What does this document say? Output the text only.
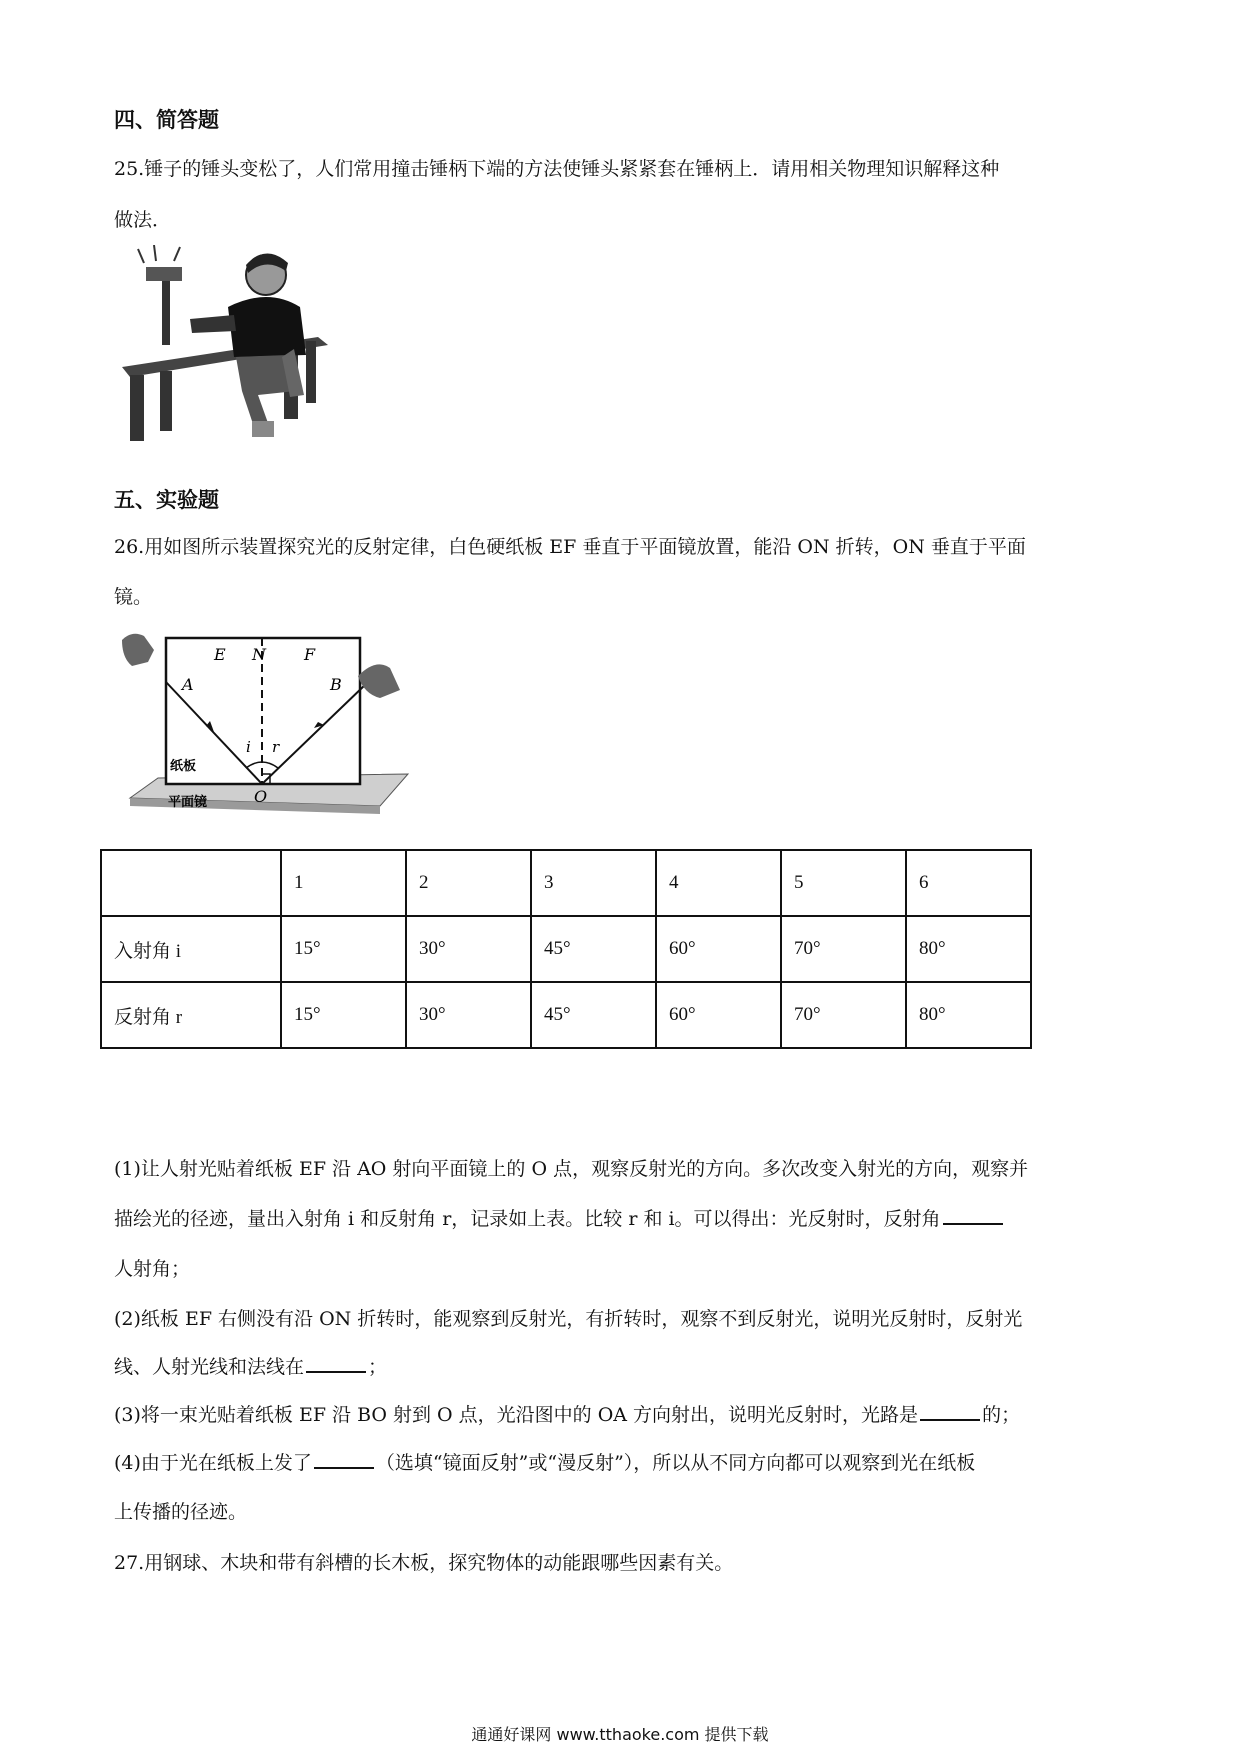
四、简答题
25.锤子的锤头变松了，人们常用撞击锤柄下端的方法使锤头紧紧套在锤柄上．请用相关物理知识解释这种
做法．
五、实验题
26.用如图所示装置探究光的反射定律，白色硬纸板 EF 垂直于平面镜放置，能沿 ON 折转，ON 垂直于平面
镜。
E N F
A	B
i r
O
纸板
平面镜
	1	2	3	4	5	6
入射角 i	15°	30°	45°	60°	70°	80°
反射角 r	15°	30°	45°	60°	70°	80°
(1)让人射光贴着纸板 EF 沿 AO 射向平面镜上的 O 点，观察反射光的方向。多次改变入射光的方向，观察并
描绘光的径迹，量出入射角 i 和反射角 r，记录如上表。比较 r 和 i。可以得出：光反射时，反射角
人射角；
(2)纸板 EF 右侧没有沿 ON 折转时，能观察到反射光，有折转时，观察不到反射光，说明光反射时，反射光
线、人射光线和法线在	；
(3)将一束光贴着纸板 EF 沿 BO 射到 O 点，光沿图中的 OA 方向射出，说明光反射时，光路是	的；
(4)由于光在纸板上发了	（选填“镜面反射”或“漫反射”），所以从不同方向都可以观察到光在纸板
上传播的径迹。
27.用钢球、木块和带有斜槽的长木板，探究物体的动能跟哪些因素有关。
通通好课网 www.tthaoke.com 提供下载
